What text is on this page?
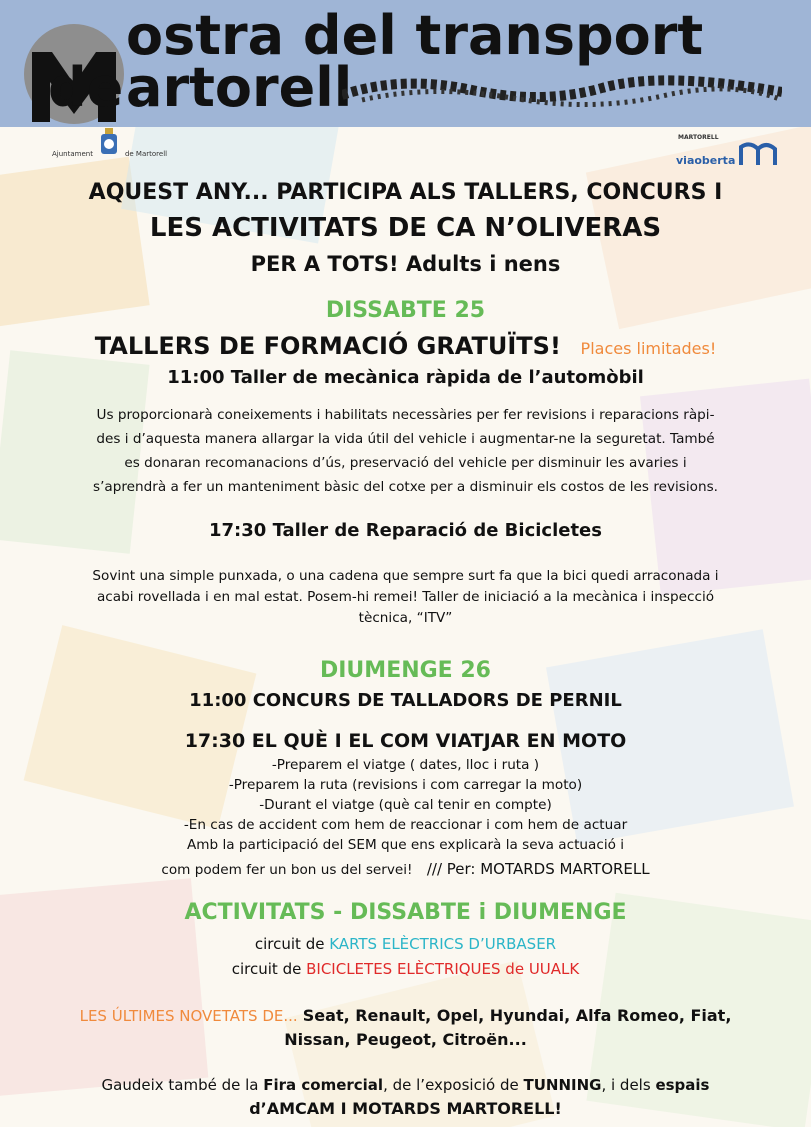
ostra del transport
de artorell
Ajuntament	de Martorell
MARTORELL
viaoberta
AQUEST ANY... PARTICIPA ALS TALLERS, CONCURS I
LES ACTIVITATS DE CA N’OLIVERAS
PER A TOTS! Adults i nens
DISSABTE 25
TALLERS DE FORMACIÓ GRATUÏTS! Places limitades!
11:00 Taller de mecànica ràpida de l’automòbil
Us proporcionarà coneixements i habilitats necessàries per fer revisions i reparacions ràpi-
des i d’aquesta manera allargar la vida útil del vehicle i augmentar-ne la seguretat. També
es donaran recomanacions d’ús, preservació del vehicle per disminuir les avaries i
s’aprendrà a fer un manteniment bàsic del cotxe per a disminuir els costos de les revisions.
17:30 Taller de Reparació de Bicicletes
Sovint una simple punxada, o una cadena que sempre surt fa que la bici quedi arraconada i
acabi rovellada i en mal estat. Posem-hi remei! Taller de iniciació a la mecànica i inspecció
tècnica, “ITV”
DIUMENGE 26
11:00 CONCURS DE TALLADORS DE PERNIL
17:30 EL QUÈ I EL COM VIATJAR EN MOTO
-Preparem el viatge ( dates, lloc i ruta )
-Preparem la ruta (revisions i com carregar la moto)
-Durant el viatge (què cal tenir en compte)
-En cas de accident com hem de reaccionar i com hem de actuar
Amb la participació del SEM que ens explicarà la seva actuació i
com podem fer un bon us del servei! /// Per: MOTARDS MARTORELL
ACTIVITATS - DISSABTE i DIUMENGE
circuit de KARTS ELÈCTRICS D’URBASER
circuit de BICICLETES ELÈCTRIQUES de UUALK
LES ÚLTIMES NOVETATS DE... Seat, Renault, Opel, Hyundai, Alfa Romeo, Fiat,
Nissan, Peugeot, Citroën...
Gaudeix també de la Fira comercial, de l’exposició de TUNNING, i dels espais
d’AMCAM I MOTARDS MARTORELL!
